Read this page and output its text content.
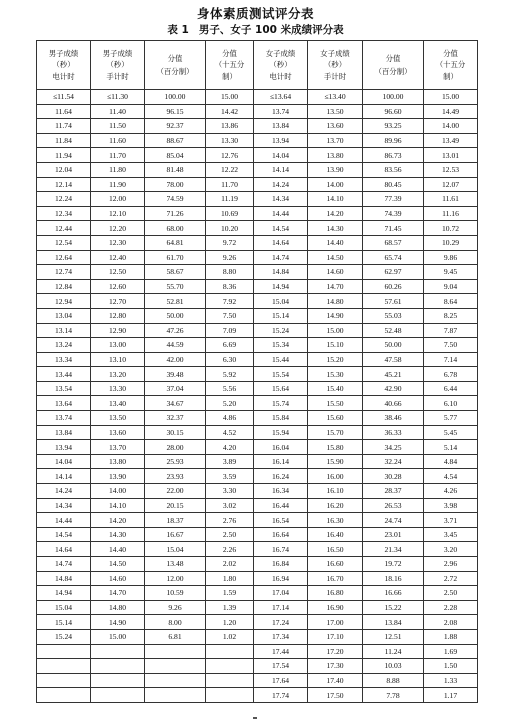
身体素质测试评分表
表 1 男子、女子 100 米成绩评分表
男子成绩
（秒）
电计时	男子成绩
（秒）
手计时	分值
（百分制）	分值
（十五分
制）	女子成绩
（秒）
电计时	女子成绩
（秒）
手计时	分值
（百分制）	分值
（十五分
制）

≤11.54	≤11.30	100.00	15.00	≤13.64	≤13.40	100.00	15.00
11.64	11.40	96.15	14.42	13.74	13.50	96.60	14.49
11.74	11.50	92.37	13.86	13.84	13.60	93.25	14.00
11.84	11.60	88.67	13.30	13.94	13.70	89.96	13.49
11.94	11.70	85.04	12.76	14.04	13.80	86.73	13.01
12.04	11.80	81.48	12.22	14.14	13.90	83.56	12.53
12.14	11.90	78.00	11.70	14.24	14.00	80.45	12.07
12.24	12.00	74.59	11.19	14.34	14.10	77.39	11.61
12.34	12.10	71.26	10.69	14.44	14.20	74.39	11.16
12.44	12.20	68.00	10.20	14.54	14.30	71.45	10.72
12.54	12.30	64.81	9.72	14.64	14.40	68.57	10.29
12.64	12.40	61.70	9.26	14.74	14.50	65.74	9.86
12.74	12.50	58.67	8.80	14.84	14.60	62.97	9.45
12.84	12.60	55.70	8.36	14.94	14.70	60.26	9.04
12.94	12.70	52.81	7.92	15.04	14.80	57.61	8.64
13.04	12.80	50.00	7.50	15.14	14.90	55.03	8.25
13.14	12.90	47.26	7.09	15.24	15.00	52.48	7.87
13.24	13.00	44.59	6.69	15.34	15.10	50.00	7.50
13.34	13.10	42.00	6.30	15.44	15.20	47.58	7.14
13.44	13.20	39.48	5.92	15.54	15.30	45.21	6.78
13.54	13.30	37.04	5.56	15.64	15.40	42.90	6.44
13.64	13.40	34.67	5.20	15.74	15.50	40.66	6.10
13.74	13.50	32.37	4.86	15.84	15.60	38.46	5.77
13.84	13.60	30.15	4.52	15.94	15.70	36.33	5.45
13.94	13.70	28.00	4.20	16.04	15.80	34.25	5.14
14.04	13.80	25.93	3.89	16.14	15.90	32.24	4.84
14.14	13.90	23.93	3.59	16.24	16.00	30.28	4.54
14.24	14.00	22.00	3.30	16.34	16.10	28.37	4.26
14.34	14.10	20.15	3.02	16.44	16.20	26.53	3.98
14.44	14.20	18.37	2.76	16.54	16.30	24.74	3.71
14.54	14.30	16.67	2.50	16.64	16.40	23.01	3.45
14.64	14.40	15.04	2.26	16.74	16.50	21.34	3.20
14.74	14.50	13.48	2.02	16.84	16.60	19.72	2.96
14.84	14.60	12.00	1.80	16.94	16.70	18.16	2.72
14.94	14.70	10.59	1.59	17.04	16.80	16.66	2.50
15.04	14.80	9.26	1.39	17.14	16.90	15.22	2.28
15.14	14.90	8.00	1.20	17.24	17.00	13.84	2.08
15.24	15.00	6.81	1.02	17.34	17.10	12.51	1.88
				17.44	17.20	11.24	1.69
				17.54	17.30	10.03	1.50
				17.64	17.40	8.88	1.33
				17.74	17.50	7.78	1.17
